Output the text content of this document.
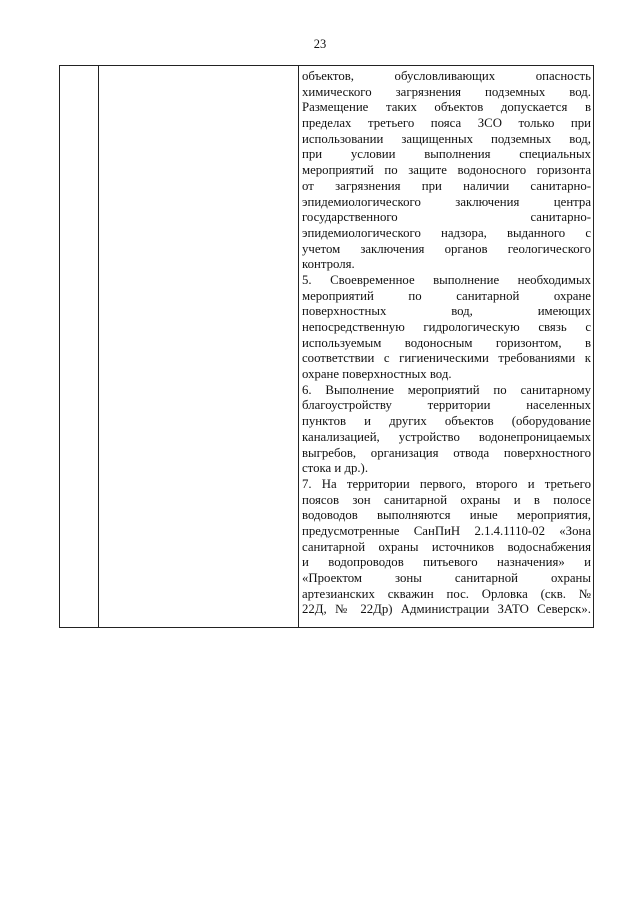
23
объектов, обусловливающих опасность
химического загрязнения подземных вод.
Размещение таких объектов допускается в
пределах третьего пояса ЗСО только при
использовании защищенных подземных вод,
при условии выполнения специальных
мероприятий по защите водоносного горизонта
от загрязнения при наличии санитарно-
эпидемиологического заключения центра
государственного санитарно-
эпидемиологического надзора, выданного с
учетом заключения органов геологического
контроля.
5. Своевременное выполнение необходимых
мероприятий по санитарной охране
поверхностных вод, имеющих
непосредственную гидрологическую связь с
используемым водоносным горизонтом, в
соответствии с гигиеническими требованиями к
охране поверхностных вод.
6. Выполнение мероприятий по санитарному
благоустройству территории населенных
пунктов и других объектов (оборудование
канализацией, устройство водонепроницаемых
выгребов, организация отвода поверхностного
стока и др.).
7. На территории первого, второго и третьего
поясов зон санитарной охраны и в полосе
водоводов выполняются иные мероприятия,
предусмотренные СанПиН 2.1.4.1110-02 «Зона
санитарной охраны источников водоснабжения
и водопроводов питьевого назначения» и
«Проектом зоны санитарной охраны
артезианских скважин пос. Орловка (скв. №
22Д, № 22Др) Администрации ЗАТО Северск».
